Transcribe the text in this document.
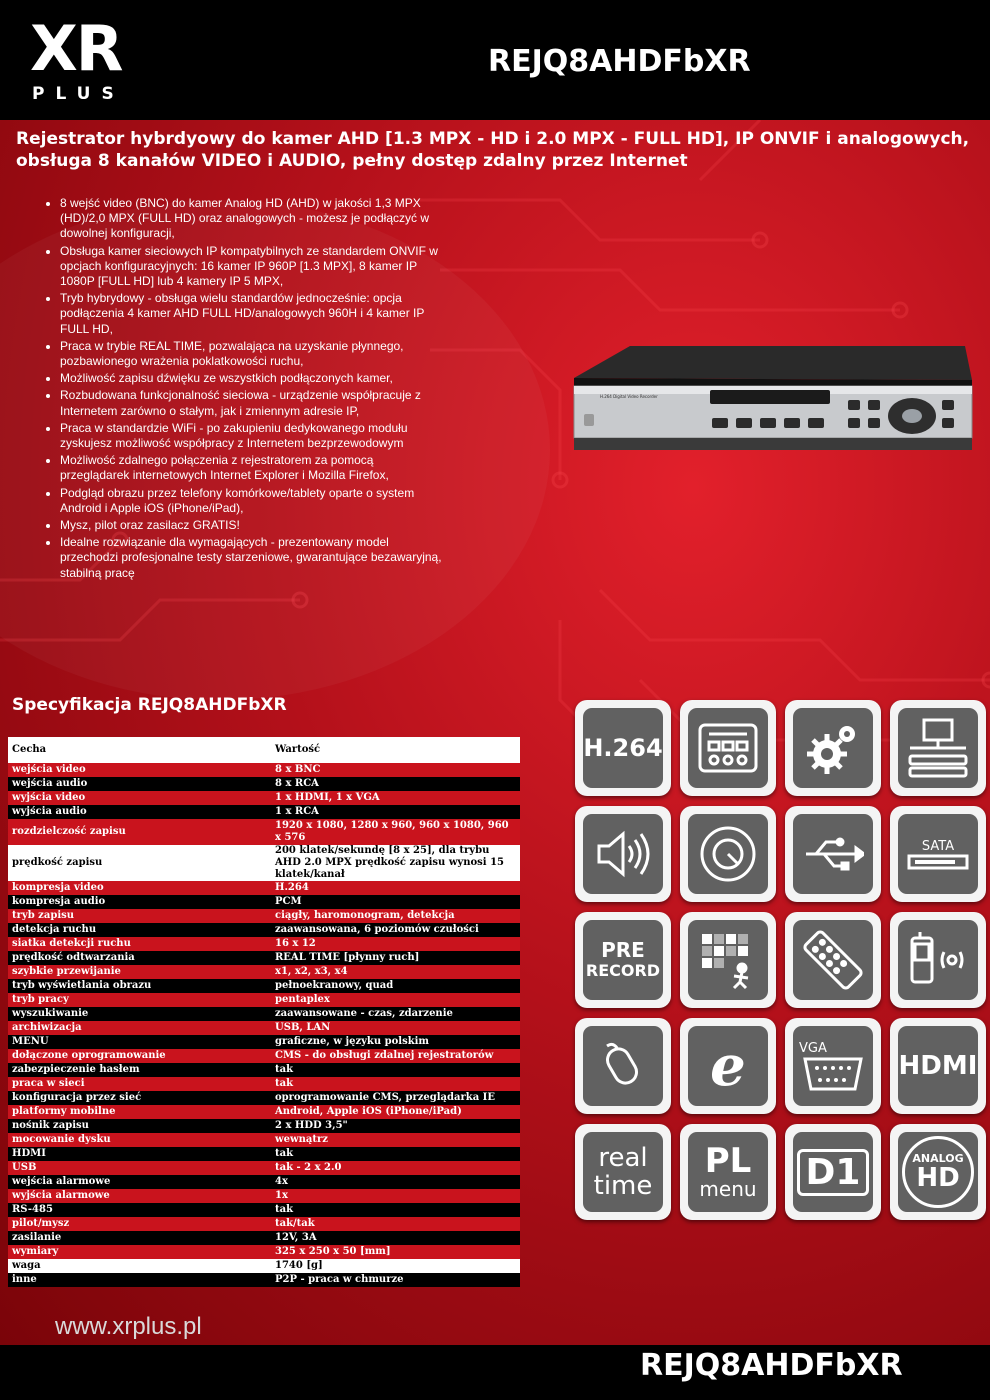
XR
PLUS
REJQ8AHDFbXR
Rejestrator hybrdyowy do kamer AHD [1.3 MPX - HD i 2.0 MPX - FULL HD], IP ONVIF i analogowych, obsługa 8 kanałów VIDEO i AUDIO, pełny dostęp zdalny przez Internet
• 8 wejść video (BNC) do kamer Analog HD (AHD) w jakości 1,3 MPX (HD)/2,0 MPX (FULL HD) oraz analogowych - możesz je podłączyć w dowolnej konfiguracji,
• Obsługa kamer sieciowych IP kompatybilnych ze standardem ONVIF w opcjach konfiguracyjnych: 16 kamer IP 960P [1.3 MPX], 8 kamer IP 1080P [FULL HD] lub 4 kamery IP 5 MPX,
• Tryb hybrydowy - obsługa wielu standardów jednocześnie: opcja podłączenia 4 kamer AHD FULL HD/analogowych 960H i 4 kamer IP FULL HD,
• Praca w trybie REAL TIME, pozwalająca na uzyskanie płynnego, pozbawionego wrażenia poklatkowości ruchu,
• Możliwość zapisu dźwięku ze wszystkich podłączonych kamer,
• Rozbudowana funkcjonalność sieciowa - urządzenie współpracuje z Internetem zarówno o stałym, jak i zmiennym adresie IP,
• Praca w standardzie WiFi - po zakupieniu dedykowanego modułu zyskujesz możliwość współpracy z Internetem bezprzewodowym
• Możliwość zdalnego połączenia z rejestratorem za pomocą przeglądarek internetowych Internet Explorer i Mozilla Firefox,
• Podgląd obrazu przez telefony komórkowe/tablety oparte o system Android i Apple iOS (iPhone/iPad),
• Mysz, pilot oraz zasilacz GRATIS!
• Idealne rozwiązanie dla wymagających - prezentowany model przechodzi profesjonalne testy starzeniowe, gwarantujące bezawaryjną, stabilną pracę
H.264 Digital Video Recorder
Specyfikacja REJQ8AHDFbXR
Cecha	Wartość
wejścia video	8 x BNC
wejścia audio	8 x RCA
wyjścia video	1 x HDMI, 1 x VGA
wyjścia audio	1 x RCA
rozdzielczość zapisu	1920 x 1080, 1280 x 960, 960 x 1080, 960 x 576
prędkość zapisu	200 klatek/sekundę [8 x 25], dla trybu AHD 2.0 MPX prędkość zapisu wynosi 15 klatek/kanał
kompresja video	H.264
kompresja audio	PCM
tryb zapisu	ciągły, haromonogram, detekcja
detekcja ruchu	zaawansowana, 6 poziomów czułości
siatka detekcji ruchu	16 x 12
prędkość odtwarzania	REAL TIME [płynny ruch]
szybkie przewijanie	x1, x2, x3, x4
tryb wyświetlania obrazu	pełnoekranowy, quad
tryb pracy	pentaplex
wyszukiwanie	zaawansowane - czas, zdarzenie
archiwizacja	USB, LAN
MENU	graficzne, w języku polskim
dołączone oprogramowanie	CMS - do obsługi zdalnej rejestratorów
zabezpieczenie hasłem	tak
praca w sieci	tak
konfiguracja przez sieć	oprogramowanie CMS, przeglądarka IE
platformy mobilne	Android, Apple iOS (iPhone/iPad)
nośnik zapisu	2 x HDD 3,5"
mocowanie dysku	wewnątrz
HDMI	tak
USB	tak - 2 x 2.0
wejścia alarmowe	4x
wyjścia alarmowe	1x
RS-485	tak
pilot/mysz	tak/tak
zasilanie	12V, 3A
wymiary	325 x 250 x 50 [mm]
waga	1740 [g]
inne	P2P - praca w chmurze
H.264
SATA
PRE
RECORD
e	VGA
HDMI
real
time
PL
menu D1	ANALOG
HD
www.xrplus.pl
REJQ8AHDFbXR
